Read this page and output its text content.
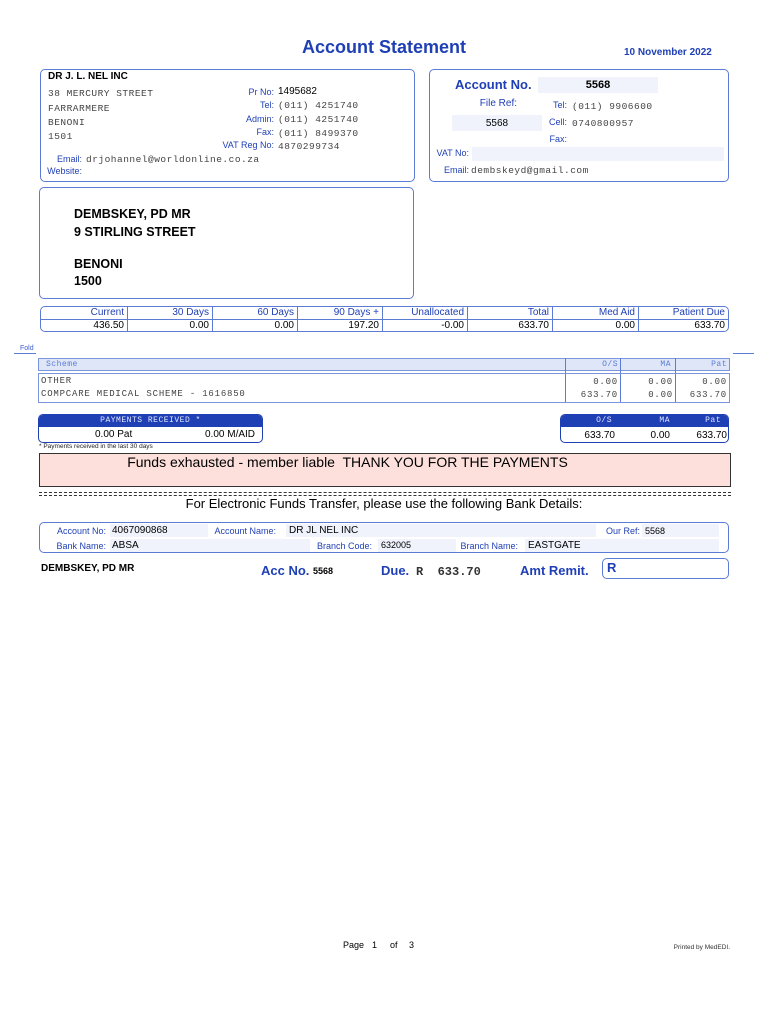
Account Statement	10 November 2022
DR J. L. NEL INC
38 MERCURY STREET
FARRARMERE
BENONI
1501
Pr No: 1495682
Tel: (011) 4251740
Admin: (011) 4251740
Fax: (011) 8499370
VAT Reg No: 4870299734
Email: drjohannel@worldonline.co.za
Website:
Account No.	5568
File Ref:
5568
Tel: (011) 9906600
Cell: 0740800957
Fax:
VAT No:
Email: dembskeyd@gmail.com
DEMBSKEY, PD MR
9 STIRLING STREET
BENONI
1500
Current	30 Days	60 Days	90 Days +	Unallocated	Total	Med Aid	Patient Due
436.50	0.00	0.00	197.20	-0.00	633.70	0.00	633.70
Fold
Scheme	O/S	MA	Pat
OTHER	0.00	0.00	0.00
COMPCARE MEDICAL SCHEME - 1616850	633.70	0.00	633.70
PAYMENTS RECEIVED *
0.00 Pat	0.00 M/AID
* Payments received in the last 30 days
O/S	MA	Pat
633.70	0.00	633.70
Funds exhausted - member liable  THANK YOU FOR THE PAYMENTS
For Electronic Funds Transfer, please use the following Bank Details:
Account No: 4067090868	Account Name: DR JL NEL INC	Our Ref: 5568
Bank Name: ABSA	Branch Code: 632005	Branch Name: EASTGATE
DEMBSKEY, PD MR	Acc No. 5568	Due. R  633.70	Amt Remit. R
Page 1 of 3	Printed by MedEDI.
